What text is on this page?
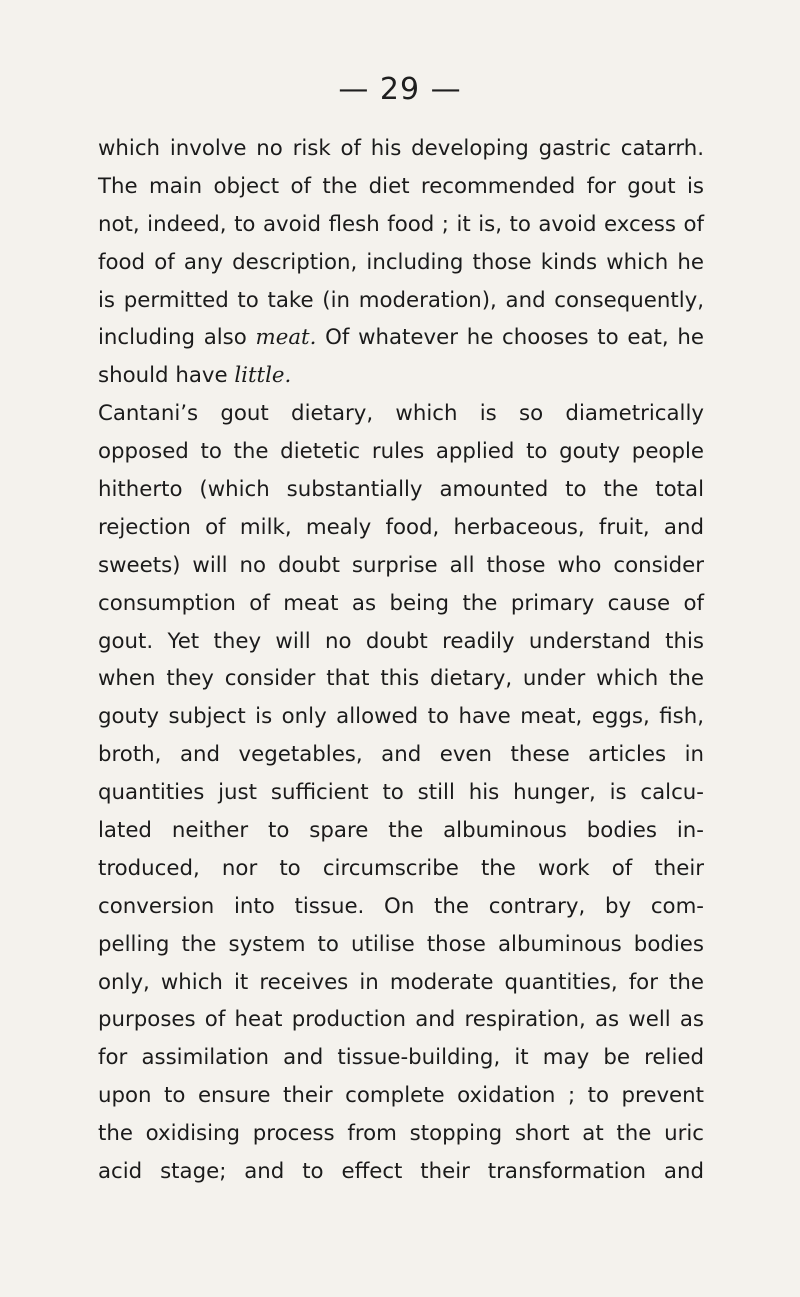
— 29 —
which involve no risk of his developing gastric catarrh.
The main object of the diet recommended for gout is
not, indeed, to avoid flesh food ; it is, to avoid excess of
food of any description, including those kinds which he
is permitted to take (in moderation), and consequently,
including also meat. Of whatever he chooses to eat, he
should have little.
Cantani’s gout dietary, which is so diametrically
opposed to the dietetic rules applied to gouty people
hitherto (which substantially amounted to the total
rejection of milk, mealy food, herbaceous, fruit, and
sweets) will no doubt surprise all those who consider
consumption of meat as being the primary cause of
gout. Yet they will no doubt readily understand this
when they consider that this dietary, under which the
gouty subject is only allowed to have meat, eggs, fish,
broth, and vegetables, and even these articles in
quantities just sufficient to still his hunger, is calcu-
lated neither to spare the albuminous bodies in-
troduced, nor to circumscribe the work of their
conversion into tissue. On the contrary, by com-
pelling the system to utilise those albuminous bodies
only, which it receives in moderate quantities, for the
purposes of heat production and respiration, as well as
for assimilation and tissue-building, it may be relied
upon to ensure their complete oxidation ; to prevent
the oxidising process from stopping short at the uric
acid stage; and to effect their transformation and
